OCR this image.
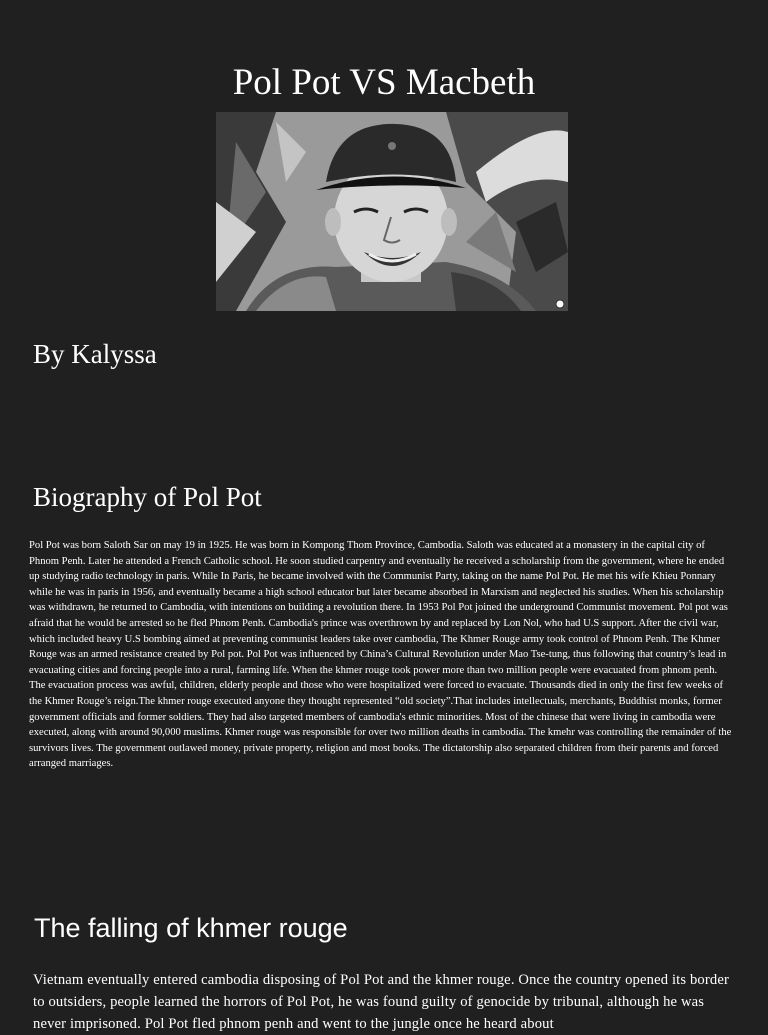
Pol Pot VS Macbeth
By Kalyssa
Biography of Pol Pot

Pol Pot was born Saloth Sar on may 19 in 1925. He was born in Kompong Thom Province, Cambodia. Saloth was educated at a monastery in the capital city of Phnom Penh. Later he attended a French Catholic school. He soon studied carpentry and eventually he received a scholarship from the government, where he ended up studying radio technology in paris. While In Paris, he became involved with the Communist Party, taking on the name Pol Pot. He met his wife Khieu Ponnary while he was in paris in 1956, and eventually became a high school educator but later became absorbed in Marxism and neglected his studies. When his scholarship was withdrawn, he returned to Cambodia, with intentions on building a revolution there. In 1953 Pol Pot joined the underground Communist movement. Pol pot was afraid that he would be arrested so he fled Phnom Penh. Cambodia's prince was overthrown by and replaced by Lon Nol, who had U.S support. After the civil war, which included heavy U.S bombing aimed at preventing communist leaders take over cambodia, The Khmer Rouge army took control of Phnom Penh. The Khmer Rouge was an armed resistance created by Pol pot. Pol Pot was influenced by China’s Cultural Revolution under Mao Tse-tung, thus following that country’s lead in evacuating cities and forcing people into a rural, farming life. When the khmer rouge took power more than two million people were evacuated from phnom penh. The evacuation process was awful, children, elderly people and those who were hospitalized were forced to evacuate. Thousands died in only the first few weeks of the Khmer Rouge’s reign.The khmer rouge executed anyone they thought represented “old society”.That includes intellectuals, merchants, Buddhist monks, former government officials and former soldiers. They had also targeted members of cambodia's ethnic minorities. Most of the chinese that were living in cambodia were executed, along with around 90,000 muslims. Khmer rouge was responsible for over two million deaths in cambodia. The kmehr was controlling the remainder of the survivors lives. The government outlawed money, private property, religion and most books. The dictatorship also separated children from their parents and forced arranged marriages.

The falling of khmer rouge

Vietnam eventually entered cambodia disposing of Pol Pot and the khmer rouge. Once the country opened its border to outsiders, people learned the horrors of Pol Pot, he was found guilty of genocide by tribunal, although he was never imprisoned. Pol Pot fled phnom penh and went to the jungle once he heard about
